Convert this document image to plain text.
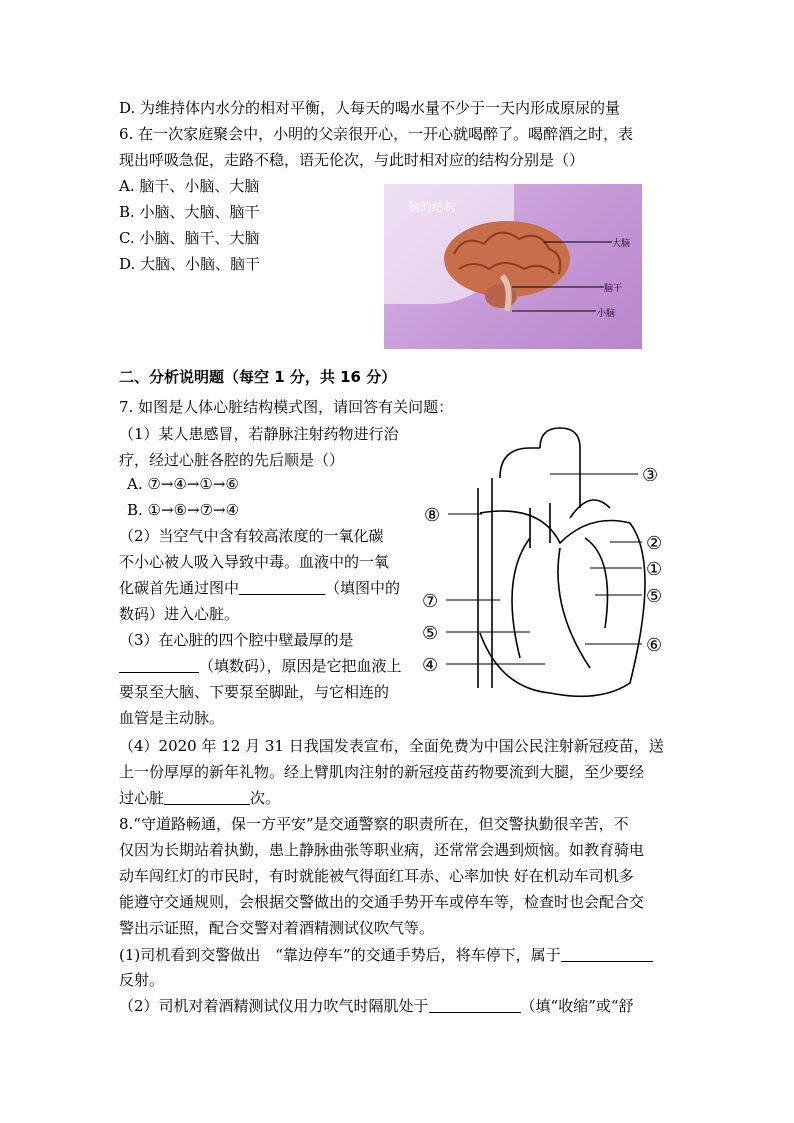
D. 为维持体内水分的相对平衡，人每天的喝水量不少于一天内形成原尿的量
6. 在一次家庭聚会中，小明的父亲很开心，一开心就喝醉了。喝醉酒之时，表
现出呼吸急促，走路不稳，语无伦次，与此时相对应的结构分别是（）
A. 脑干、小脑、大脑
B. 小脑、大脑、脑干
C. 小脑、脑干、大脑
D. 大脑、小脑、脑干
脑的结构
大脑
脑干
小脑
二、分析说明题（每空 1 分，共 16 分）
7. 如图是人体心脏结构模式图，请回答有关问题：
（1）某人患感冒，若静脉注射药物进行治
疗，经过心脏各腔的先后顺是（）
A. ⑦→④→①→⑥
B. ①→⑥→⑦→④
（2）当空气中含有较高浓度的一氧化碳
不小心被人吸入导致中毒。血液中的一氧
化碳首先通过图中	（填图中的
数码）进入心脏。
（3）在心脏的四个腔中壁最厚的是
（填数码），原因是它把血液上
要泵至大脑、下要泵至脚趾，与它相连的
血管是主动脉。
③
⑧
②
①
⑦	⑤
⑤
⑥
④
（4）2020 年 12 月 31 日我国发表宣布，全面免费为中国公民注射新冠疫苗，送
上一份厚厚的新年礼物。经上臂肌肉注射的新冠疫苗药物要流到大腿，至少要经
过心脏	次。
8.“守道路畅通，保一方平安”是交通警察的职责所在，但交警执勤很辛苦，不
仅因为长期站着执勤，患上静脉曲张等职业病，还常常会遇到烦恼。如教育骑电
动车闯红灯的市民时，有时就能被气得面红耳赤、心率加快 好在机动车司机多
能遵守交通规则，会根据交警做出的交通手势开车或停车等，检查时也会配合交
警出示证照，配合交警对着酒精测试仪吹气等。
(1)司机看到交警做出　“靠边停车”的交通手势后，将车停下，属于
反射。
（2）司机对着酒精测试仪用力吹气时隔肌处于	（填“收缩”或“舒
